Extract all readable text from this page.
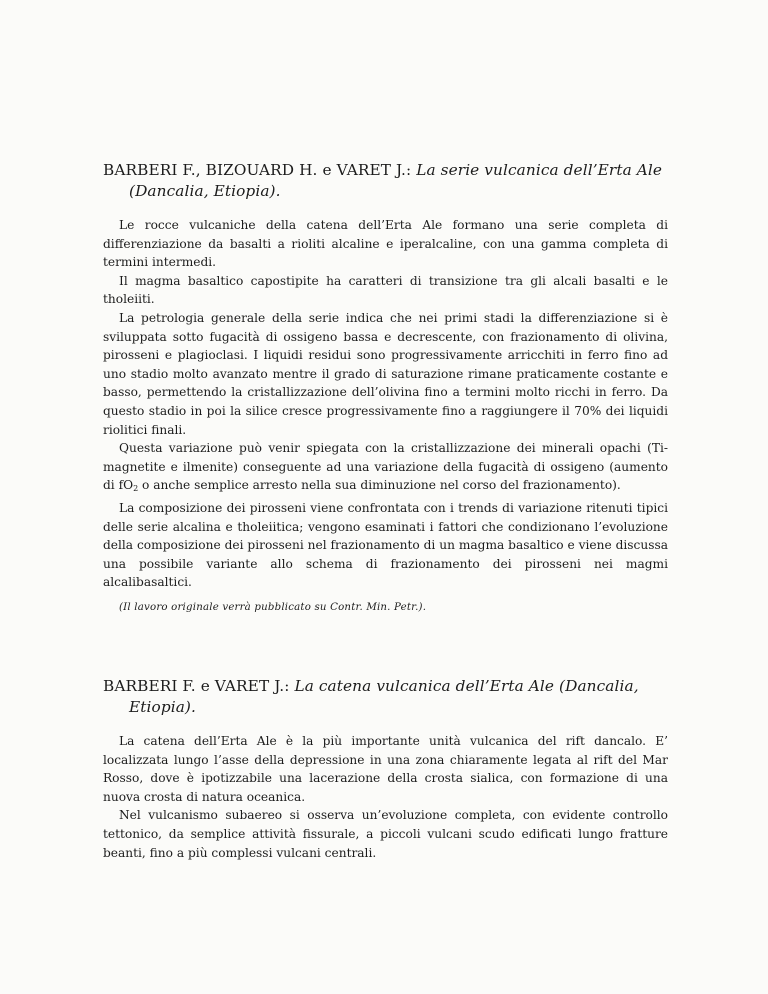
BARBERI F., BIZOUARD H. e VARET J.: La serie vulcanica dell’Erta Ale (Dancalia, Etiopia).

Le rocce vulcaniche della catena dell’Erta Ale formano una serie completa di differenziazione da basalti a rioliti alcaline e iperalcaline, con una gamma completa di termini intermedi.

Il magma basaltico capostipite ha caratteri di transizione tra gli alcali basalti e le tholeiiti.

La petrologia generale della serie indica che nei primi stadi la differenziazione si è sviluppata sotto fugacità di ossigeno bassa e decrescente, con frazionamento di olivina, pirosseni e plagioclasi. I liquidi residui sono progressivamente arricchiti in ferro fino ad uno stadio molto avanzato mentre il grado di saturazione rimane praticamente costante e basso, permettendo la cristallizzazione dell’olivina fino a termini molto ricchi in ferro. Da questo stadio in poi la silice cresce progressivamente fino a raggiungere il 70% dei liquidi riolitici finali.

Questa variazione può venir spiegata con la cristallizzazione dei minerali opachi (Ti-magnetite e ilmenite) conseguente ad una variazione della fugacità di ossigeno (aumento di $fO_2$ o anche semplice arresto nella sua diminuzione nel corso del frazionamento).

La composizione dei pirosseni viene confrontata con i trends di variazione ritenuti tipici delle serie alcalina e tholeiitica; vengono esaminati i fattori che condizionano l’evoluzione della composizione dei pirosseni nel frazionamento di un magma basaltico e viene discussa una possibile variante allo schema di frazionamento dei pirosseni nei magmi alcalibasaltici.

(Il lavoro originale verrà pubblicato su Contr. Min. Petr.).

BARBERI F. e VARET J.: La catena vulcanica dell’Erta Ale (Dancalia, Etiopia).

La catena dell’Erta Ale è la più importante unità vulcanica del rift dancalo. E’ localizzata lungo l’asse della depressione in una zona chiaramente legata al rift del Mar Rosso, dove è ipotizzabile una lacerazione della crosta sialica, con formazione di una nuova crosta di natura oceanica.

Nel vulcanismo subaereo si osserva un’evoluzione completa, con evidente controllo tettonico, da semplice attività fissurale, a piccoli vulcani scudo edificati lungo fratture beanti, fino a più complessi vulcani centrali.
